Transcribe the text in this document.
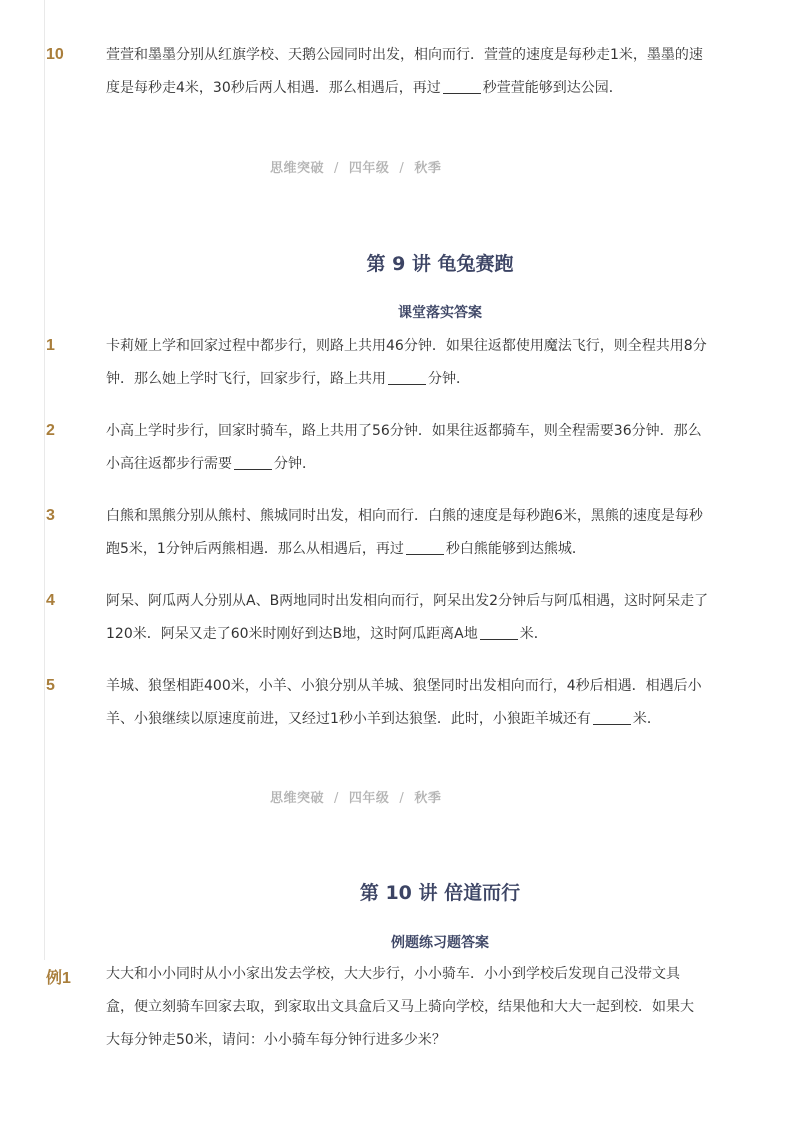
10	萱萱和墨墨分别从红旗学校、天鹅公园同时出发，相向而行．萱萱的速度是每秒走1米，墨墨的速
度是每秒走4米，30秒后两人相遇．那么相遇后，再过	秒萱萱能够到达公园．
思维突破 / 四年级 / 秋季
第 9 讲 龟兔赛跑
课堂落实答案
1	卡莉娅上学和回家过程中都步行，则路上共用46分钟．如果往返都使用魔法飞行，则全程共用8分
钟．那么她上学时飞行，回家步行，路上共用	分钟．
2	小高上学时步行，回家时骑车，路上共用了56分钟．如果往返都骑车，则全程需要36分钟．那么
小高往返都步行需要	分钟．
3	白熊和黑熊分别从熊村、熊城同时出发，相向而行．白熊的速度是每秒跑6米，黑熊的速度是每秒
跑5米，1分钟后两熊相遇．那么从相遇后，再过	秒白熊能够到达熊城．
4	阿呆、阿瓜两人分别从A、B两地同时出发相向而行，阿呆出发2分钟后与阿瓜相遇，这时阿呆走了
120米．阿呆又走了60米时刚好到达B地，这时阿瓜距离A地	米．
5	羊城、狼堡相距400米，小羊、小狼分别从羊城、狼堡同时出发相向而行，4秒后相遇．相遇后小
羊、小狼继续以原速度前进，又经过1秒小羊到达狼堡．此时，小狼距羊城还有	米．
思维突破 / 四年级 / 秋季
第 10 讲 倍道而行
例题练习题答案
例1	大大和小小同时从小小家出发去学校，大大步行，小小骑车．小小到学校后发现自己没带文具
盒，便立刻骑车回家去取，到家取出文具盒后又马上骑向学校，结果他和大大一起到校．如果大
大每分钟走50米，请问：小小骑车每分钟行进多少米？
